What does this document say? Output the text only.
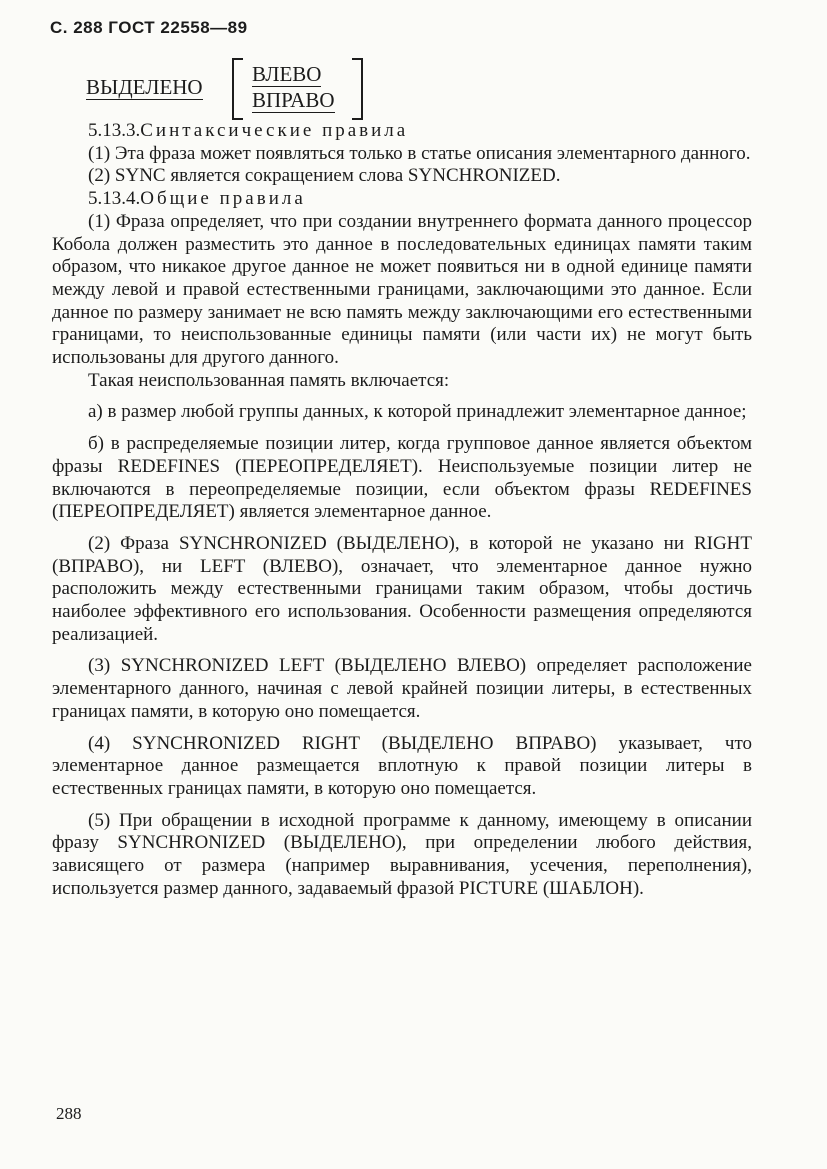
С. 288 ГОСТ 22558—89
ВЫДЕЛЕНО
ВЛЕВО
ВПРАВО

5.13.3.Синтаксические правила

(1) Эта фраза может появляться только в статье описания элементарного данного.

(2) SYNC является сокращением слова SYNCHRONIZED.

5.13.4.Общие правила

(1) Фраза определяет, что при создании внутреннего формата данного процессор Кобола должен разместить это данное в последовательных единицах памяти таким образом, что никакое другое данное не может появиться ни в одной единице памяти между левой и правой естественными границами, заключающими это данное. Если данное по размеру занимает не всю память между заключающими его естественными границами, то неиспользованные единицы памяти (или части их) не могут быть использованы для другого данного.

Такая неиспользованная память включается:

а) в размер любой группы данных, к которой принадлежит элементарное данное;

б) в распределяемые позиции литер, когда групповое данное является объектом фразы REDEFINES (ПЕРЕОПРЕДЕЛЯЕТ). Неиспользуемые позиции литер не включаются в переопределяемые позиции, если объектом фразы REDEFINES (ПЕРЕОПРЕДЕЛЯЕТ) является элементарное данное.

(2) Фраза SYNCHRONIZED (ВЫДЕЛЕНО), в которой не указано ни RIGHT (ВПРАВО), ни LEFT (ВЛЕВО), означает, что элементарное данное нужно расположить между естественными границами таким образом, чтобы достичь наиболее эффективного его использования. Особенности размещения определяются реализацией.

(3) SYNCHRONIZED LEFT (ВЫДЕЛЕНО ВЛЕВО) определяет расположение элементарного данного, начиная с левой крайней позиции литеры, в естественных границах памяти, в которую оно помещается.

(4) SYNCHRONIZED RIGHT (ВЫДЕЛЕНО ВПРАВО) указывает, что элементарное данное размещается вплотную к правой позиции литеры в естественных границах памяти, в которую оно помещается.

(5) При обращении в исходной программе к данному, имеющему в описании фразу SYNCHRONIZED (ВЫДЕЛЕНО), при определении любого действия, зависящего от размера (например выравнивания, усечения, переполнения), используется размер данного, задаваемый фразой PICTURE (ШАБЛОН).

288
